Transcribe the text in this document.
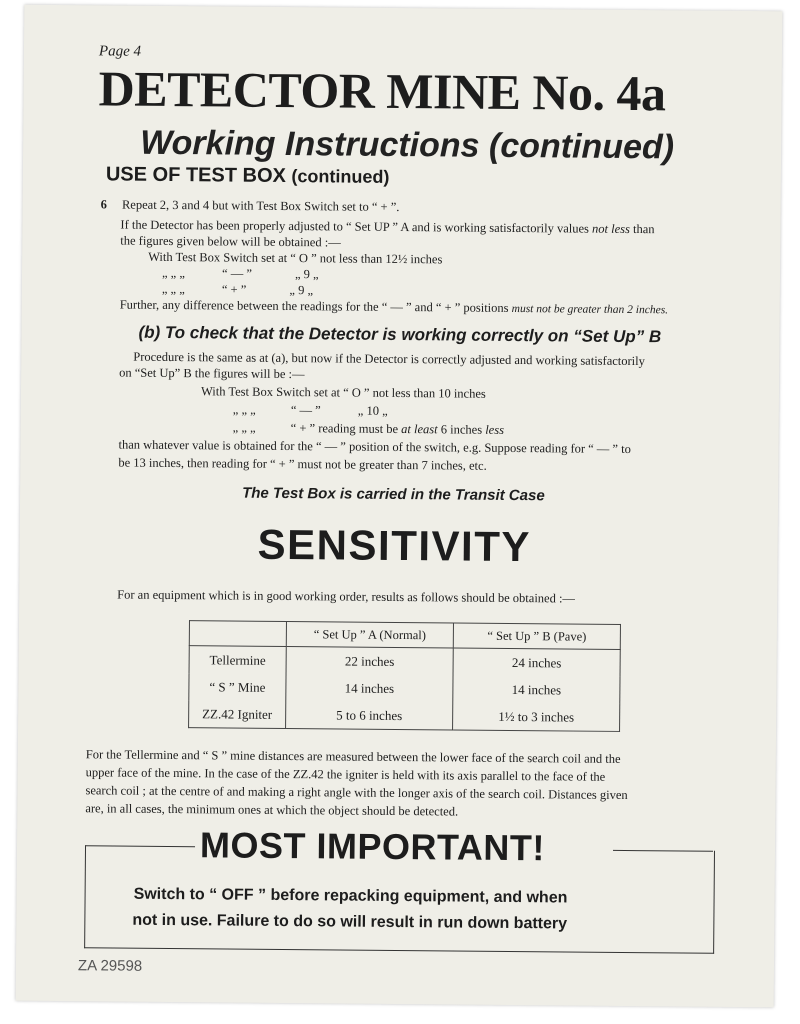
Page 4
DETECTOR MINE No. 4a
Working Instructions (continued)
USE OF TEST BOX (continued)
6 Repeat 2, 3 and 4 but with Test Box Switch set to “ + ”.
If the Detector has been properly adjusted to “ Set UP ” A and is working satisfactorily values not less than
the figures given below will be obtained :—
With Test Box Switch set at “ O ” not less than 12½ inches
„ „ „	“ — ”	„ 9 „
„ „ „	“ + ”	„ 9 „
Further, any difference between the readings for the “ — ” and “ + ” positions must not be greater than 2 inches.
(b) To check that the Detector is working correctly on “Set Up” B
Procedure is the same as at (a), but now if the Detector is correctly adjusted and working satisfactorily
on “Set Up” B the figures will be :—
With Test Box Switch set at “ O ” not less than 10 inches
„ „ „	“ — ”	„ 10 „
„ „ „	“ + ” reading must be at least 6 inches less
than whatever value is obtained for the “ — ” position of the switch, e.g. Suppose reading for “ — ” to
be 13 inches, then reading for “ + ” must not be greater than 7 inches, etc.
The Test Box is carried in the Transit Case
SENSITIVITY
For an equipment which is in good working order, results as follows should be obtained :—
	“ Set Up ” A (Normal)	“ Set Up ” B (Pave)
Tellermine	22 inches	24 inches
“ S ” Mine	14 inches	14 inches
ZZ.42 Igniter	5 to 6 inches	1½ to 3 inches
For the Tellermine and “ S ” mine distances are measured between the lower face of the search coil and the
upper face of the mine. In the case of the ZZ.42 the igniter is held with its axis parallel to the face of the
search coil ; at the centre of and making a right angle with the longer axis of the search coil. Distances given
are, in all cases, the minimum ones at which the object should be detected.
MOST IMPORTANT!
Switch to “ OFF ” before repacking equipment, and when
not in use. Failure to do so will result in run down battery
ZA 29598
